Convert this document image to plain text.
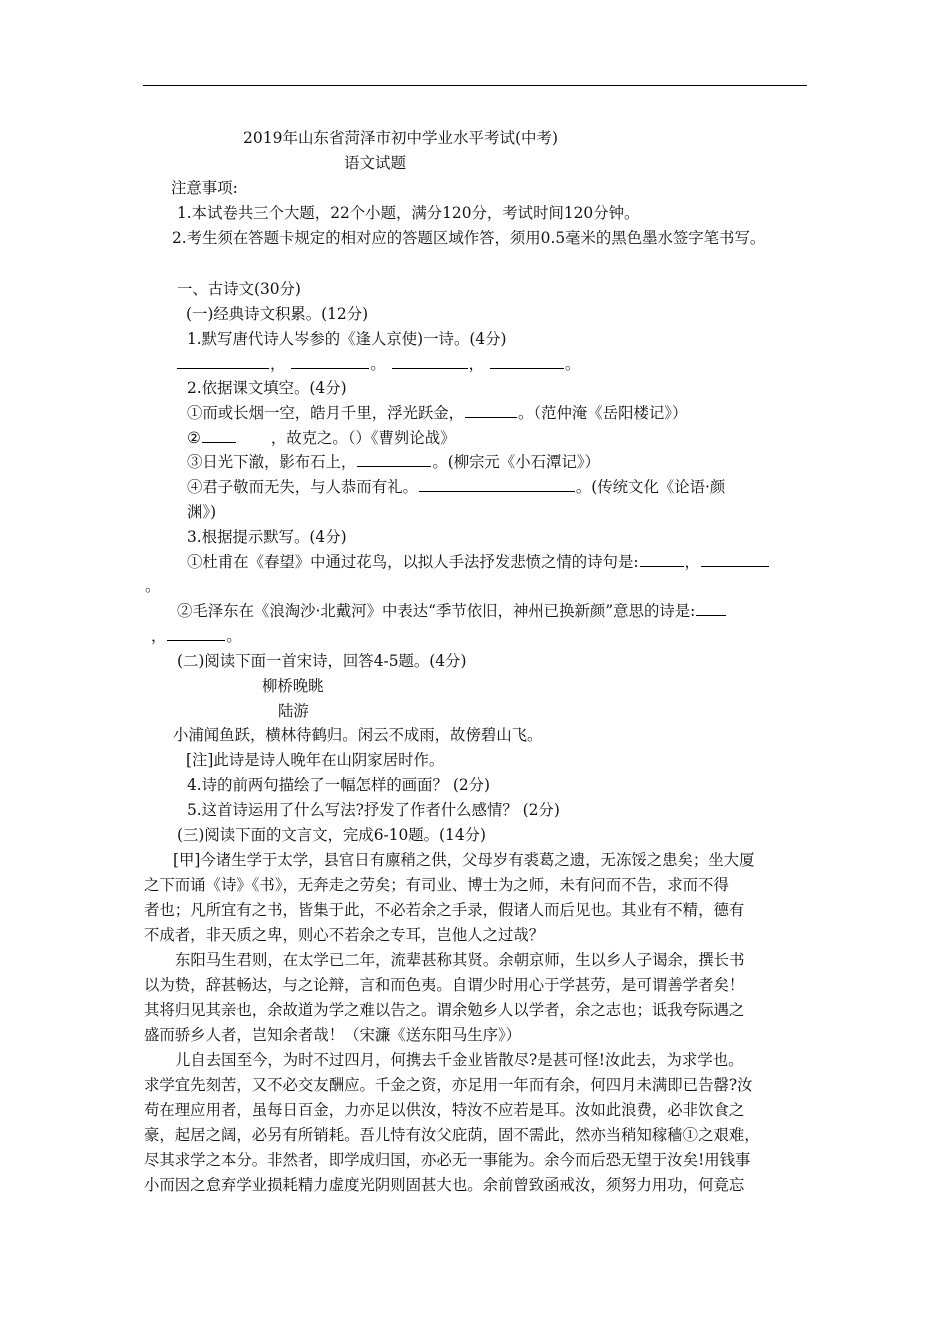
2019年山东省菏泽市初中学业水平考试(中考)
语文试题
注意事项:
1.本试卷共三个大题，22个小题，满分120分，考试时间120分钟。
2.考生须在答题卡规定的相对应的答题区域作答，须用0.5毫米的黑色墨水签字笔书写。
一、古诗文(30分)
(一)经典诗文积累。(12分)
1.默写唐代诗人岑参的《逢人京使)一诗。(4分)
，	。	，	。
2.依据课文填空。(4分)
①而或长烟一空，皓月千里，浮光跃金，	。（范仲淹《岳阳楼记》）
②	，故克之。（）《曹刿论战》
③日光下澈，影布石上，	。(柳宗元《小石潭记》）
④君子敬而无失，与人恭而有礼。	。(传统文化《论语·颜
渊》)
3.根据提示默写。(4分)
①杜甫在《春望》中通过花鸟，以拟人手法抒发悲愤之情的诗句是:	，
。
②毛泽东在《浪淘沙·北戴河》中表达“季节依旧，神州已换新颜”意思的诗是:
，	。
(二)阅读下面一首宋诗，回答4-5题。(4分)
柳桥晚眺
陆游
小浦闻鱼跃，横林待鹤归。闲云不成雨，故傍碧山飞。
[注]此诗是诗人晚年在山阴家居时作。
4.诗的前两句描绘了一幅怎样的画面？ (2分)
5.这首诗运用了什么写法?抒发了作者什么感情？ (2分)
(三)阅读下面的文言文，完成6-10题。(14分)
[甲]今诸生学于太学，县官日有廪稍之供，父母岁有裘葛之遗，无冻馁之患矣；坐大厦
之下而诵《诗》《书》，无奔走之劳矣；有司业、博士为之师，未有问而不告，求而不得
者也；凡所宜有之书，皆集于此，不必若余之手录，假诸人而后见也。其业有不精，德有
不成者，非天质之卑，则心不若余之专耳，岂他人之过哉？
东阳马生君则，在太学已二年，流辈甚称其贤。余朝京师，生以乡人子谒余，撰长书
以为贽，辞甚畅达，与之论辩，言和而色夷。自谓少时用心于学甚劳，是可谓善学者矣！
其将归见其亲也，余故道为学之难以告之。谓余勉乡人以学者，余之志也；诋我夸际遇之
盛而骄乡人者，岂知余者哉！（宋濂《送东阳马生序》）
儿自去国至今，为时不过四月，何携去千金业皆散尽?是甚可怪!汝此去，为求学也。
求学宜先刻苦，又不必交友酬应。千金之资，亦足用一年而有余，何四月未满即已告罄?汝
苟在理应用者，虽每日百金，力亦足以供汝，特汝不应若是耳。汝如此浪费，必非饮食之
豪，起居之阔，必另有所销耗。吾儿恃有汝父庇荫，固不需此，然亦当稍知稼穑①之艰难，
尽其求学之本分。非然者，即学成归国，亦必无一事能为。余今而后恐无望于汝矣!用钱事
小而因之怠弃学业损耗精力虚度光阴则固甚大也。余前曾致函戒汝，须努力用功，何竟忘
